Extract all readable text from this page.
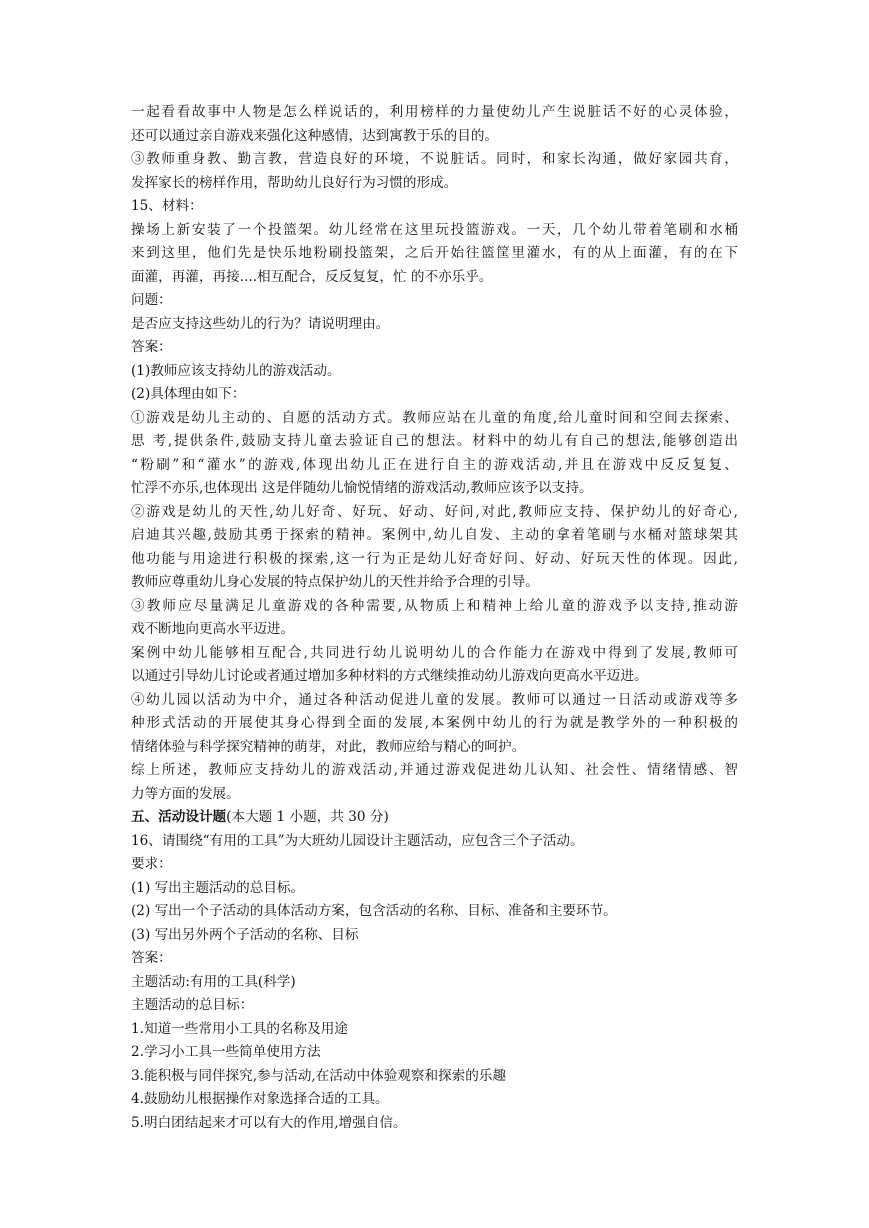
一起看看故事中人物是怎么样说话的，利用榜样的力量使幼儿产生说脏话不好的心灵体验，
还可以通过亲自游戏来强化这种感情，达到寓教于乐的目的。
③教师重身教、勤言教，营造良好的环境，不说脏话。同时，和家长沟通，做好家园共育，
发挥家长的榜样作用，帮助幼儿良好行为习惯的形成。
15、材料：
操场上新安装了一个投篮架。幼儿经常在这里玩投篮游戏。一天，几个幼儿带着笔刷和水桶
来到这里，他们先是快乐地粉刷投篮架，之后开始往篮筐里灌水，有的从上面灌，有的在下
面灌，再灌，再接....相互配合，反反复复，忙 的不亦乐乎。
问题：
是否应支持这些幼儿的行为？请说明理由。
答案：
(1)教师应该支持幼儿的游戏活动。
(2)具体理由如下：
①游戏是幼儿主动的、自愿的活动方式。教师应站在儿童的角度,给儿童时间和空间去探索、
思 考,提供条件,鼓励支持儿童去验证自己的想法。材料中的幼儿有自己的想法,能够创造出
“粉刷”和“灌水”的游戏,体现出幼儿正在进行自主的游戏活动,并且在游戏中反反复复、
忙浮不亦乐,也体现出 这是伴随幼儿愉悦情绪的游戏活动,教师应该予以支持。
②游戏是幼儿的天性,幼儿好奇、好玩、好动、好问,对此,教师应支持、保护幼儿的好奇心,
启迪其兴趣,鼓励其勇于探索的精神。案例中,幼儿自发、主动的拿着笔刷与水桶对篮球架其
他功能与用途进行积极的探索,这一行为正是幼儿好奇好问、好动、好玩天性的体现。因此,
教师应尊重幼儿身心发展的特点保护幼儿的天性并给予合理的引导。
③教师应尽量满足儿童游戏的各种需要,从物质上和精神上给儿童的游戏予以支持,推动游
戏不断地向更高水平迈进。
案例中幼儿能够相互配合,共同进行幼儿说明幼儿的合作能力在游戏中得到了发展,教师可
以通过引导幼儿讨论或者通过增加多种材料的方式继续推动幼儿游戏向更高水平迈进。
④幼儿园以活动为中介，通过各种活动促进儿童的发展。教师可以通过一日活动或游戏等多
种形式活动的开展使其身心得到全面的发展,本案例中幼儿的行为就是教学外的一种积极的
情绪体验与科学探究精神的萌芽，对此，教师应给与精心的呵护。
综上所述，教师应支持幼儿的游戏活动,并通过游戏促进幼儿认知、社会性、情绪情感、智
力等方面的发展。
五、活动设计题(本大题 1 小题，共 30 分)
16、请围绕“有用的工具”为大班幼儿园设计主题活动，应包含三个子活动。
要求：
(1) 写出主题活动的总目标。
(2) 写出一个子活动的具体活动方案，包含活动的名称、目标、准备和主要环节。
(3) 写出另外两个子活动的名称、目标
答案：
主题活动:有用的工具(科学)
主题活动的总目标：
1.知道一些常用小工具的名称及用途
2.学习小工具一些简单使用方法
3.能积极与同伴探究,参与活动,在活动中体验观察和探索的乐趣
4.鼓励幼儿根据操作对象选择合适的工具。
5.明白团结起来才可以有大的作用,增强自信。
